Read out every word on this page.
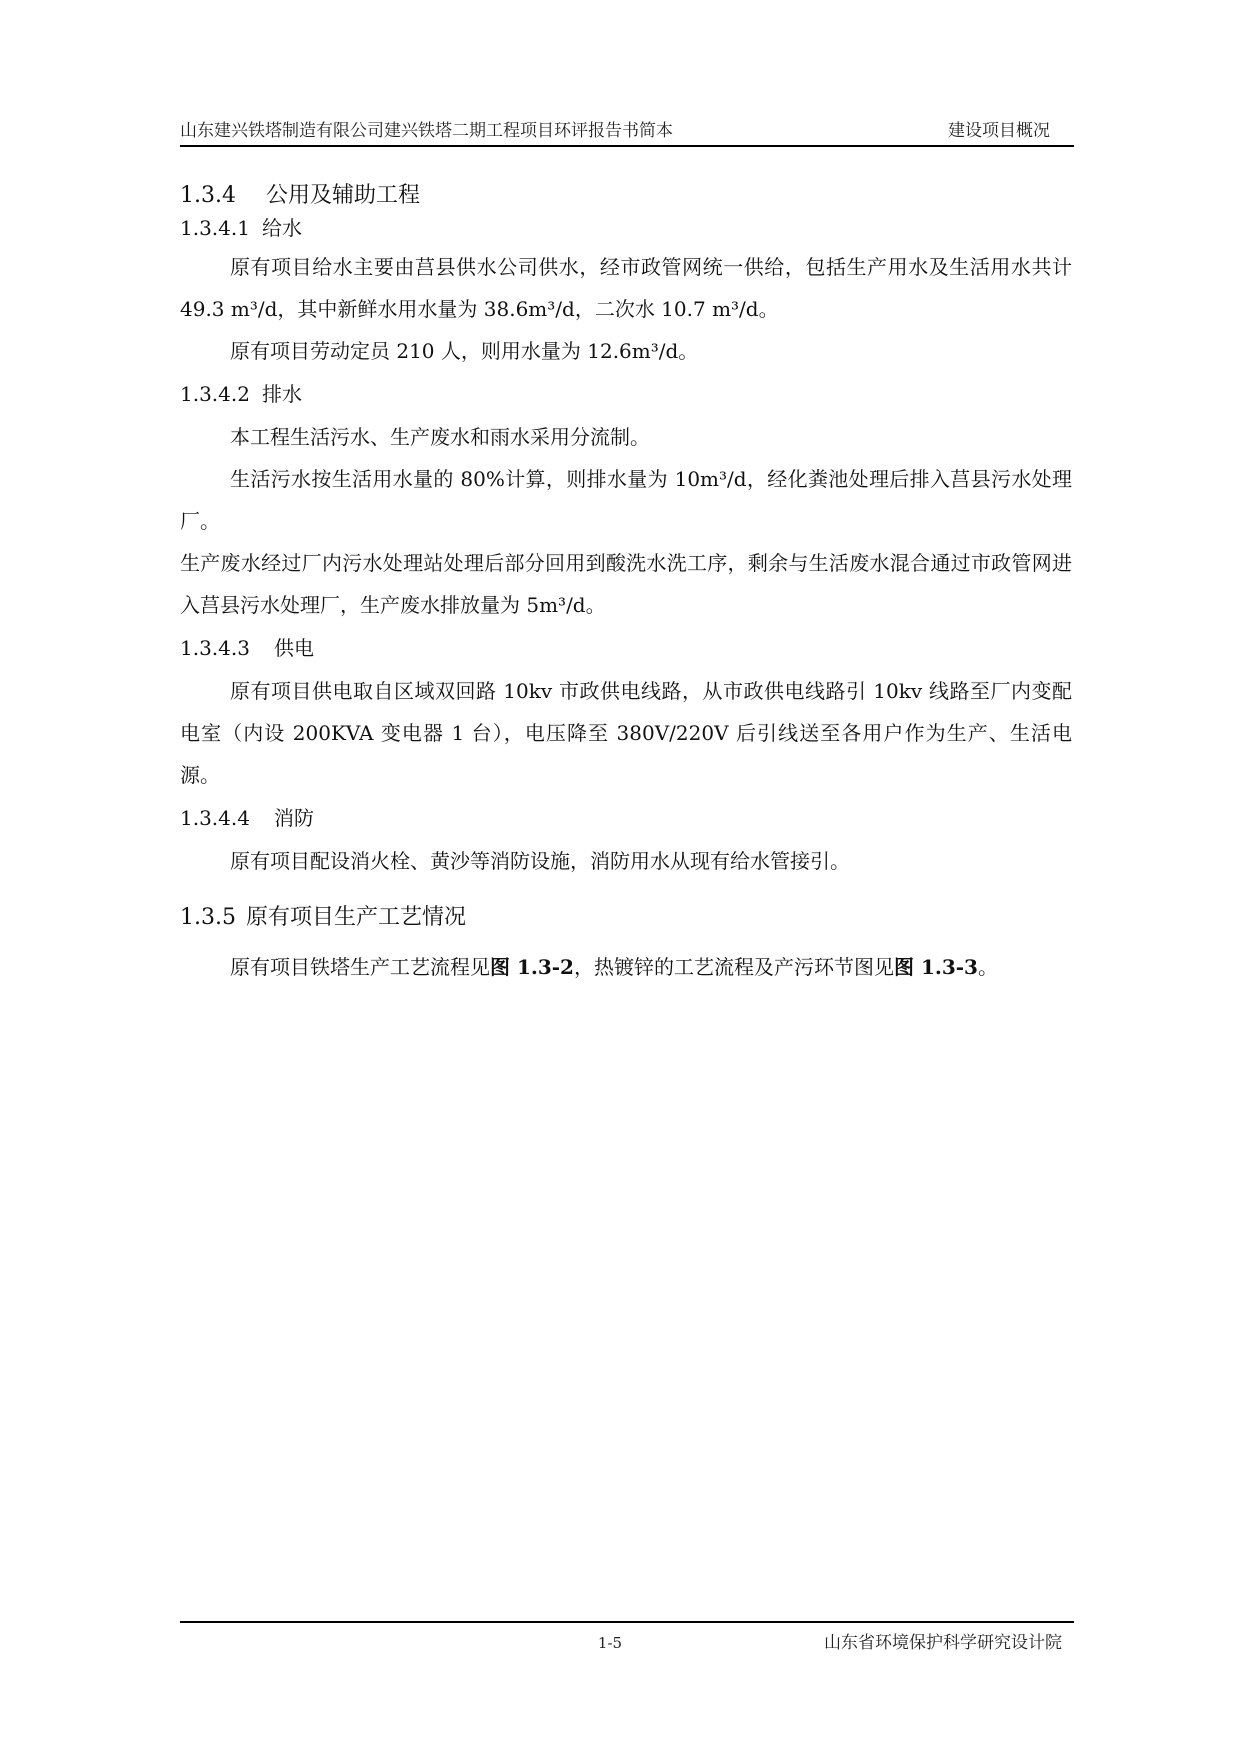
山东建兴铁塔制造有限公司建兴铁塔二期工程项目环评报告书简本	建设项目概况
1.3.4 公用及辅助工程
1.3.4.1 给水
原有项目给水主要由莒县供水公司供水，经市政管网统一供给，包括生产用水及生活用水共计 49.3 m³/d，其中新鲜水用水量为 38.6m³/d，二次水 10.7 m³/d。
原有项目劳动定员 210 人，则用水量为 12.6m³/d。
1.3.4.2 排水
本工程生活污水、生产废水和雨水采用分流制。
生活污水按生活用水量的 80%计算，则排水量为 10m³/d，经化粪池处理后排入莒县污水处理厂。
生产废水经过厂内污水处理站处理后部分回用到酸洗水洗工序，剩余与生活废水混合通过市政管网进入莒县污水处理厂，生产废水排放量为 5m³/d。
1.3.4.3 供电
原有项目供电取自区域双回路 10kv 市政供电线路，从市政供电线路引 10kv 线路至厂内变配电室（内设 200KVA 变电器 1 台），电压降至 380V/220V 后引线送至各用户作为生产、生活电源。
1.3.4.4 消防
原有项目配设消火栓、黄沙等消防设施，消防用水从现有给水管接引。
1.3.5 原有项目生产工艺情况
原有项目铁塔生产工艺流程见图 1.3-2，热镀锌的工艺流程及产污环节图见图 1.3-3。
1-5	山东省环境保护科学研究设计院
